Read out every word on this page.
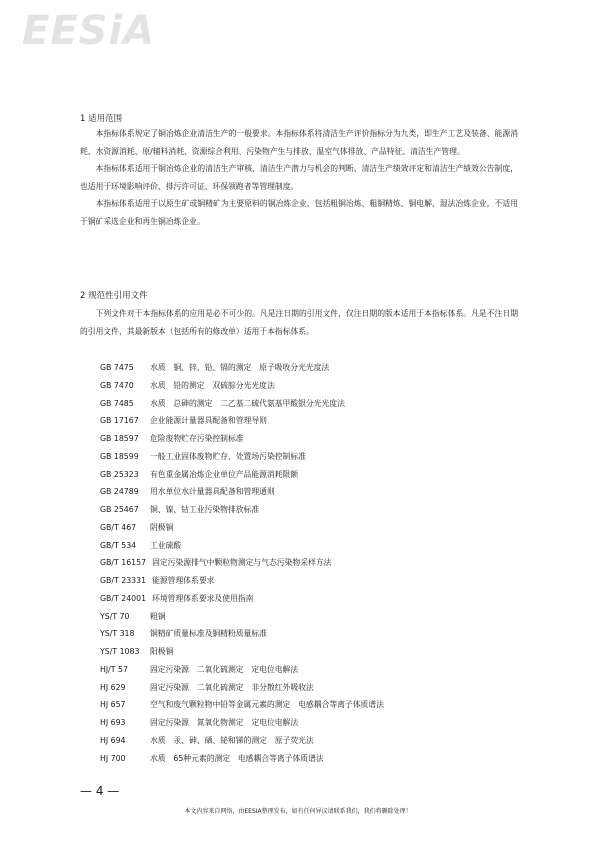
EESiA
1 适用范围

本指标体系规定了铜冶炼企业清洁生产的一般要求。本指标体系将清洁生产评价指标分为九类，即生产工艺及装备、能源消耗、水资源消耗、原/辅料消耗、资源综合利用、污染物产生与排放、温室气体排放、产品特征、清洁生产管理。

本指标体系适用于铜冶炼企业的清洁生产审核、清洁生产潜力与机会的判断、清洁生产绩效评定和清洁生产绩效公告制度，也适用于环境影响评价、排污许可证、环保领跑者等管理制度。

本指标体系适用于以原生矿或铜精矿为主要原料的铜冶炼企业，包括粗铜冶炼、粗铜精炼、铜电解、湿法冶炼企业，不适用于铜矿采选企业和再生铜冶炼企业。

2 规范性引用文件

下列文件对于本指标体系的应用是必不可少的。凡是注日期的引用文件，仅注日期的版本适用于本指标体系。凡是不注日期的引用文件，其最新版本（包括所有的修改单）适用于本指标体系。

GB 7475 水质　铜、锌、铅、镉的测定　原子吸收分光光度法
GB 7470 水质　铅的测定　双硫腙分光光度法
GB 7485 水质　总砷的测定　二乙基二硫代氨基甲酸银分光光度法
GB 17167 企业能源计量器具配备和管理导则
GB 18597 危险废物贮存污染控制标准
GB 18599 一般工业固体废物贮存、处置场污染控制标准
GB 25323 有色重金属冶炼企业单位产品能源消耗限额
GB 24789 用水单位水计量器具配备和管理通则
GB 25467 铜、镍、钴工业污染物排放标准
GB/T 467 阴极铜
GB/T 534 工业硫酸
GB/T 16157 固定污染源排气中颗粒物测定与气态污染物采样方法
GB/T 23331 能源管理体系要求
GB/T 24001 环境管理体系要求及使用指南
YS/T 70	粗铜
YS/T 318 铜精矿质量标准及铜精粉质量标准
YS/T 1083 阳极铜
HJ/T 57	固定污染源　二氧化硫测定　定电位电解法
HJ 629	固定污染源　二氧化硫测定　非分散红外吸收法
HJ 657	空气和废气颗粒物中铅等金属元素的测定　电感耦合等离子体质谱法
HJ 693	固定污染源　氮氧化物测定　定电位电解法
HJ 694	水质　汞、砷、硒、铋和锑的测定　原子荧光法
HJ 700	水质　65种元素的测定　电感耦合等离子体质谱法
— 4 —
本文内容来自网络，由EESIA整理发布，如有任何异议请联系我们，我们将删除处理！
